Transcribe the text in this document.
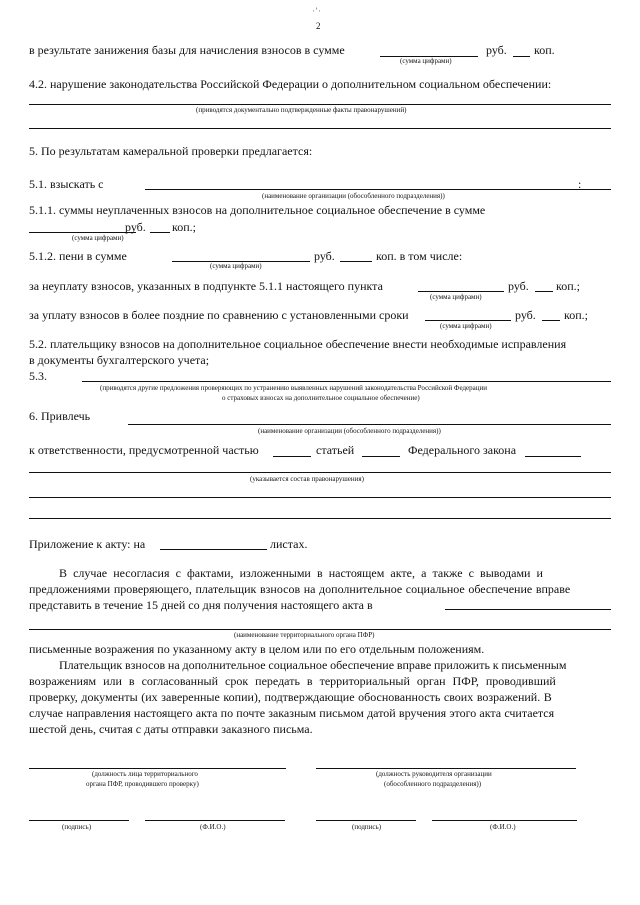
·ʼ·
2
в результате занижения базы для начисления взносов в сумме	руб. коп.
(сумма цифрами)
4.2. нарушение законодательства Российской Федерации о дополнительном социальном обеспечении:
(приводятся документально подтвержденные факты правонарушений)
5. По результатам камеральной проверки предлагается:
5.1. взыскать с	:
(наименование организации (обособленного подразделения))
5.1.1. суммы неуплаченных взносов на дополнительное социальное обеспечение в сумме
руб. коп.;
(сумма цифрами)
5.1.2. пени в сумме	руб.	коп. в том числе:
(сумма цифрами)
за неуплату взносов, указанных в подпункте 5.1.1 настоящего пункта	руб. коп.;
(сумма цифрами)
за уплату взносов в более поздние по сравнению с установленными сроки	руб. коп.;
(сумма цифрами)
5.2. плательщику взносов на дополнительное социальное обеспечение внести необходимые исправления
в документы бухгалтерского учета;
5.3.
(приводятся другие предложения проверяющих по устранению выявленных нарушений законодательства Российской Федерации
о страховых взносах на дополнительное социальное обеспечение)
6. Привлечь
(наименование организации (обособленного подразделения))
к ответственности, предусмотренной частью	статьей	Федерального закона
(указывается состав правонарушения)
Приложение к акту: на	листах.
В случае несогласия с фактами, изложенными в настоящем акте, а также с выводами и
предложениями проверяющего, плательщик взносов на дополнительное социальное обеспечение вправе
представить в течение 15 дней со дня получения настоящего акта в
(наименование территориального органа ПФР)
письменные возражения по указанному акту в целом или по его отдельным положениям.
Плательщик взносов на дополнительное социальное обеспечение вправе приложить к письменным
возражениям или в согласованный срок передать в территориальный орган ПФР, проводивший
проверку, документы (их заверенные копии), подтверждающие обоснованность своих возражений. В
случае направления настоящего акта по почте заказным письмом датой вручения этого акта считается
шестой день, считая с даты отправки заказного письма.
(должность лица территориального
органа ПФР, проводившего проверку)
(подпись)	(Ф.И.О.)
(должность руководителя организации
(обособленного подразделения))
(подпись)	(Ф.И.О.)
